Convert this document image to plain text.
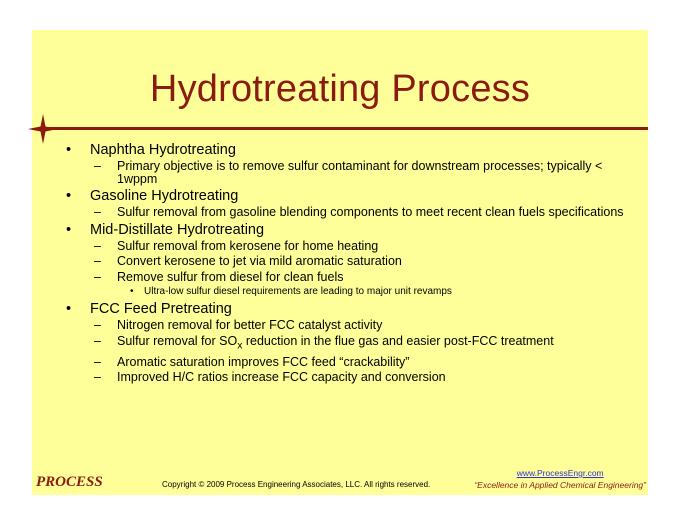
Hydrotreating Process
• Naphtha Hydrotreating
– Primary objective is to remove sulfur contaminant for downstream processes; typically < 1wppm
• Gasoline Hydrotreating
– Sulfur removal from gasoline blending components to meet recent clean fuels specifications
• Mid-Distillate Hydrotreating
– Sulfur removal from kerosene for home heating
– Convert kerosene to jet via mild aromatic saturation
– Remove sulfur from diesel for clean fuels
• Ultra-low sulfur diesel requirements are leading to major unit revamps
• FCC Feed Pretreating
– Nitrogen removal for better FCC catalyst activity
– Sulfur removal for $SO_x$ reduction in the flue gas and easier post-FCC treatment
– Aromatic saturation improves FCC feed “crackability”
– Improved H/C ratios increase FCC capacity and conversion
PROCESS	Copyright © 2009 Process Engineering Associates, LLC. All rights reserved.
www.ProcessEngr.com
“Excellence in Applied Chemical Engineering”
